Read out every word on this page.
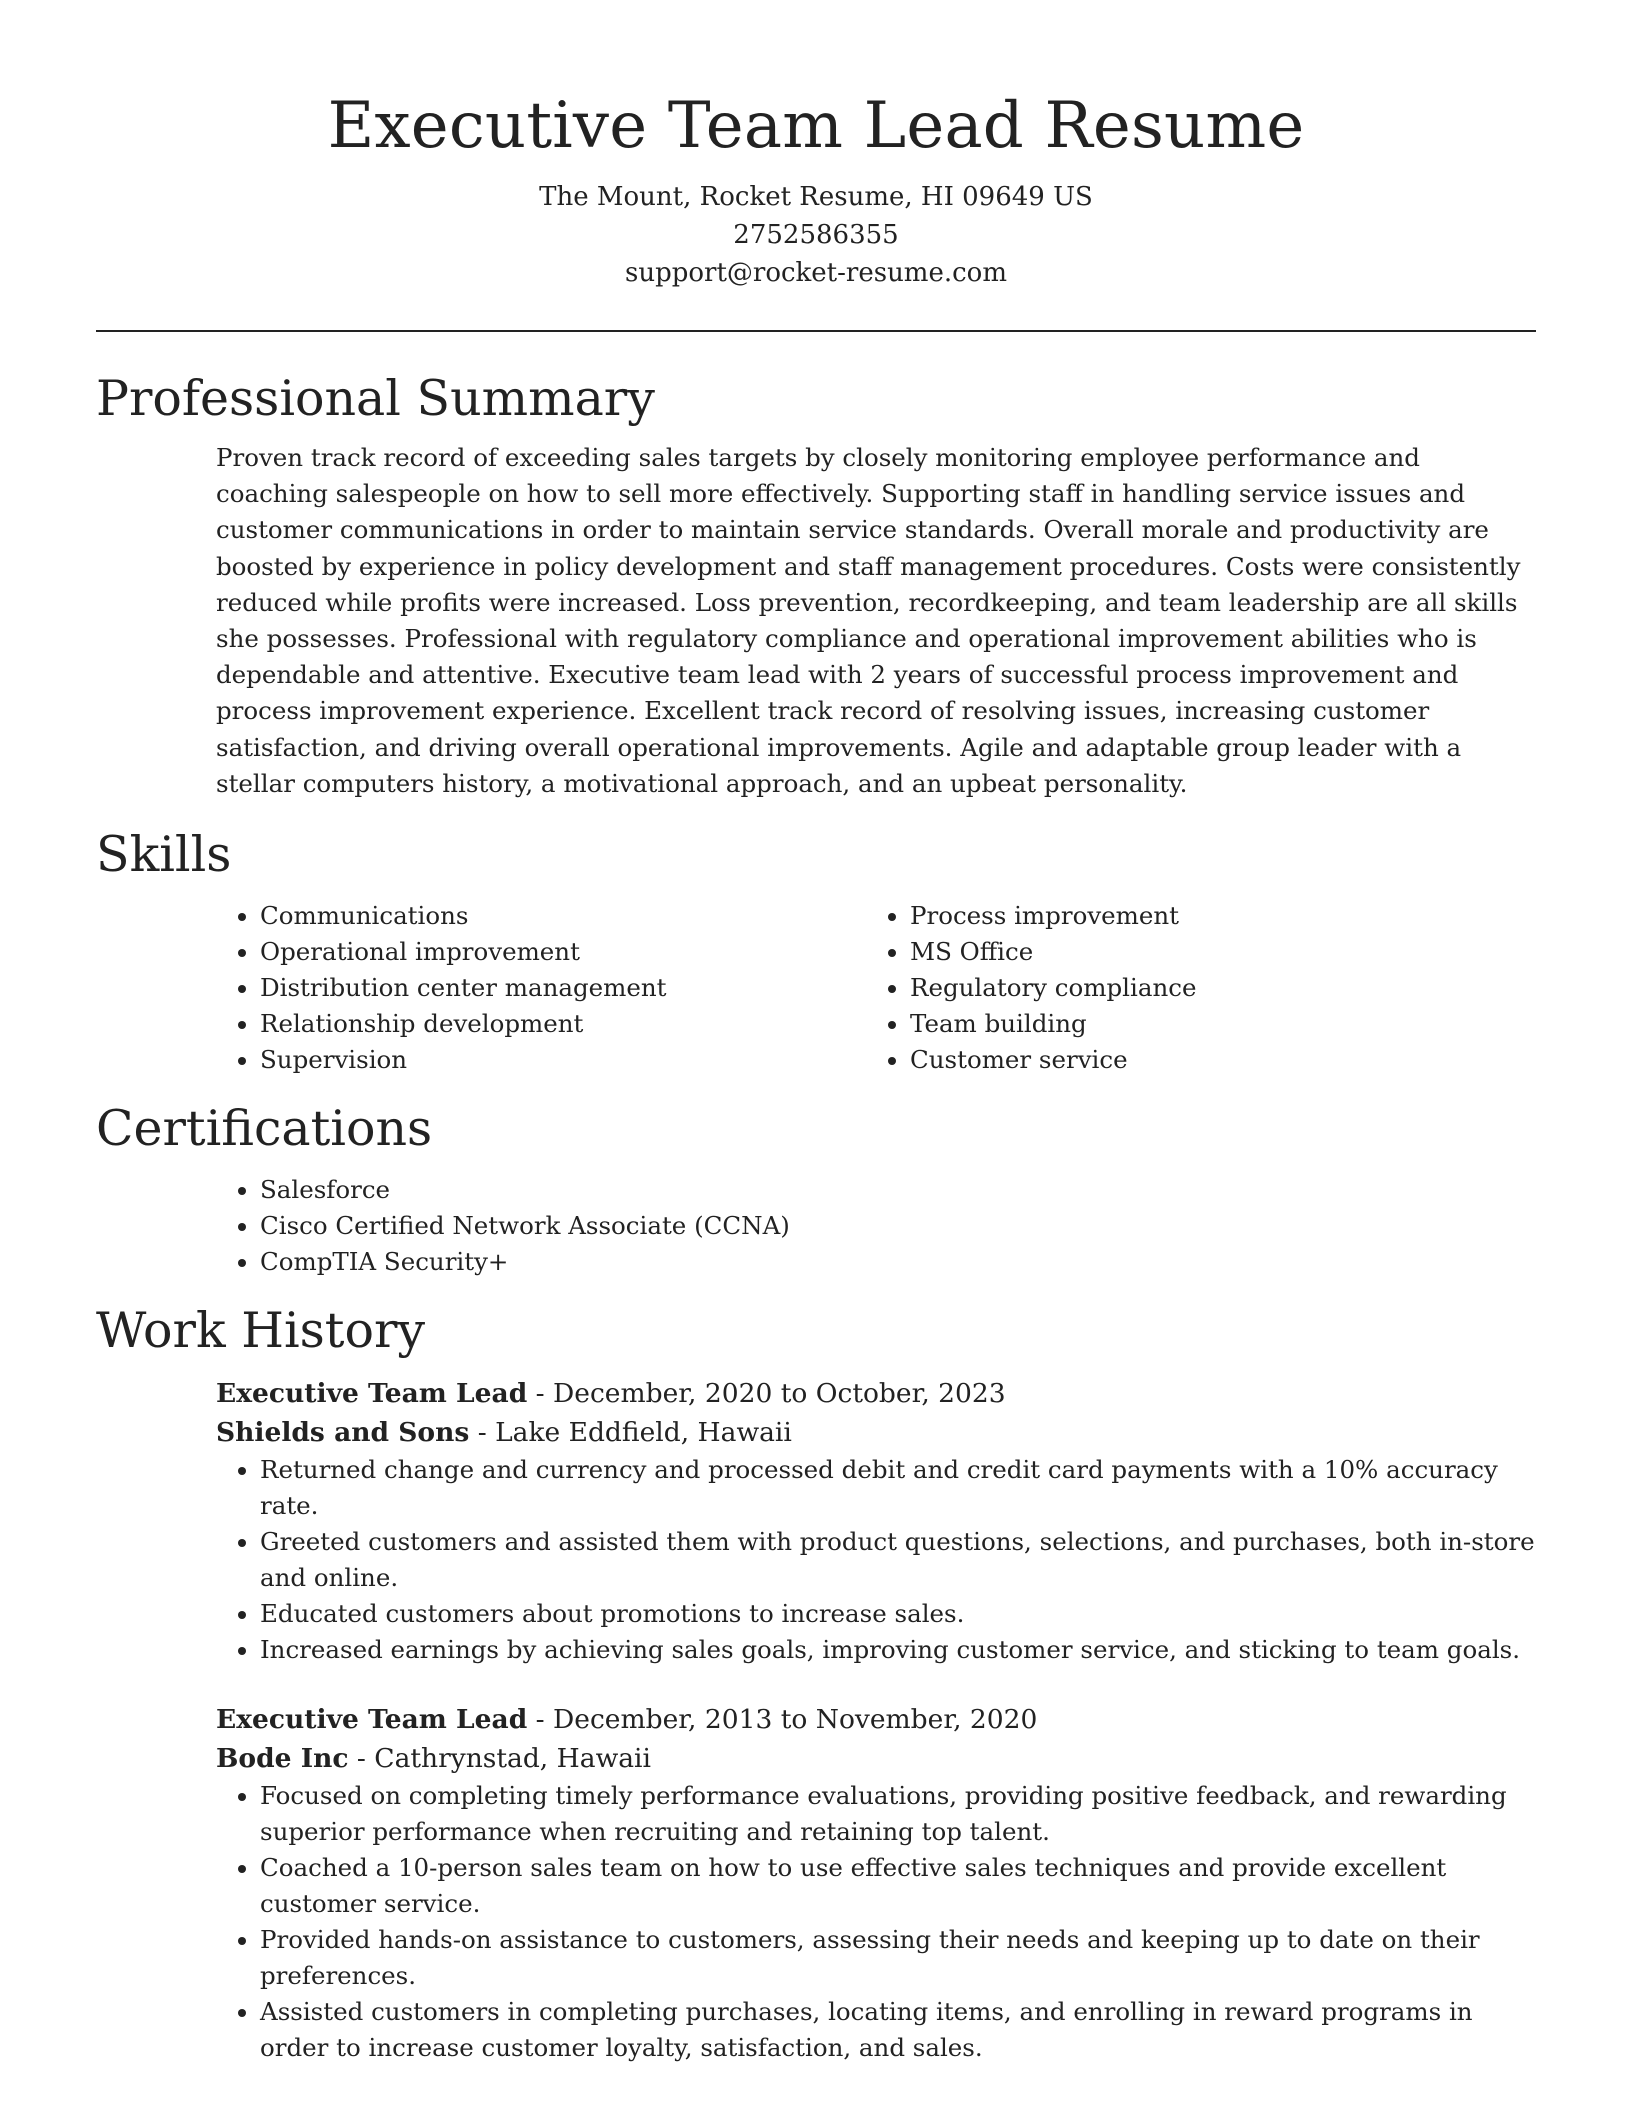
Executive Team Lead Resume
The Mount, Rocket Resume, HI 09649 US
2752586355
support@rocket-resume.com
Professional Summary

Proven track record of exceeding sales targets by closely monitoring employee performance and coaching salespeople on how to sell more effectively. Supporting staff in handling service issues and customer communications in order to maintain service standards. Overall morale and productivity are boosted by experience in policy development and staff management procedures. Costs were consistently reduced while profits were increased. Loss prevention, recordkeeping, and team leadership are all skills she possesses. Professional with regulatory compliance and operational improvement abilities who is dependable and attentive. Executive team lead with 2 years of successful process improvement and process improvement experience. Excellent track record of resolving issues, increasing customer satisfaction, and driving overall operational improvements. Agile and adaptable group leader with a stellar computers history, a motivational approach, and an upbeat personality.

Skills
• Communications
• Operational improvement
• Distribution center management
• Relationship development
• Supervision
• Process improvement
• MS Office
• Regulatory compliance
• Team building
• Customer service
Certifications
• Salesforce
• Cisco Certified Network Associate (CCNA)
• CompTIA Security+
Work History
Executive Team Lead - December, 2020 to October, 2023
Shields and Sons - Lake Eddfield, Hawaii
• Returned change and currency and processed debit and credit card payments with a 10% accuracy rate.
• Greeted customers and assisted them with product questions, selections, and purchases, both in-store and online.
• Educated customers about promotions to increase sales.
• Increased earnings by achieving sales goals, improving customer service, and sticking to team goals.
Executive Team Lead - December, 2013 to November, 2020
Bode Inc - Cathrynstad, Hawaii
• Focused on completing timely performance evaluations, providing positive feedback, and rewarding superior performance when recruiting and retaining top talent.
• Coached a 10-person sales team on how to use effective sales techniques and provide excellent customer service.
• Provided hands-on assistance to customers, assessing their needs and keeping up to date on their preferences.
• Assisted customers in completing purchases, locating items, and enrolling in reward programs in order to increase customer loyalty, satisfaction, and sales.
